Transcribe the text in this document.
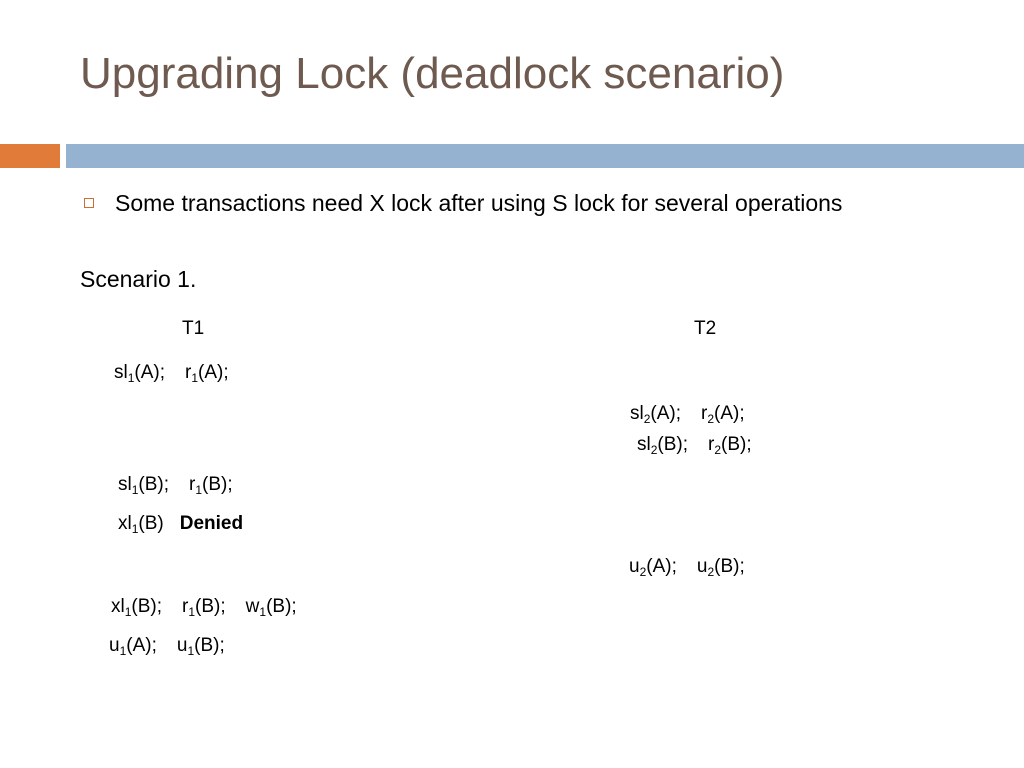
Upgrading Lock (deadlock scenario)
Some transactions need X lock after using S lock for several operations
Scenario 1.
T1	T2
$sl_1(A)$; $r_1(A)$;
$sl_2(A)$; $r_2(A)$;
$sl_2(B)$; $r_2(B)$;
$sl_1(B)$; $r_1(B)$;
$xl_1(B)$ Denied
$u_2(A)$; $u_2(B)$;
$xl_1(B)$; $r_1(B)$; $w_1(B)$;
$u_1(A)$; $u_1(B)$;
